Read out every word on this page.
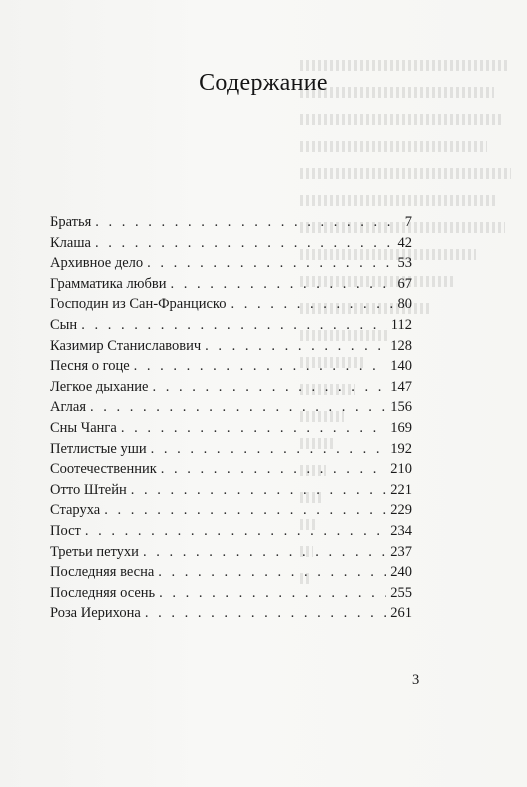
Содержание
Братья . . .	7
Клаша . . .	42
Архивное дело . . .	53
Грамматика любви . . .	67
Господин из Сан-Франциско . . .	80
Сын . . .	112
Казимир Станиславович . . .	128
Песня о гоце . . .	140
Легкое дыхание . . .	147
Аглая . . .	156
Сны Чанга . . .	169
Петлистые уши . . .	192
Соотечественник . . .	210
Отто Штейн . . .	221
Старуха . . .	229
Пост . . .	234
Третьи петухи . . .	237
Последняя весна . . .	240
Последняя осень . . .	255
Роза Иерихона . . .	261
3
